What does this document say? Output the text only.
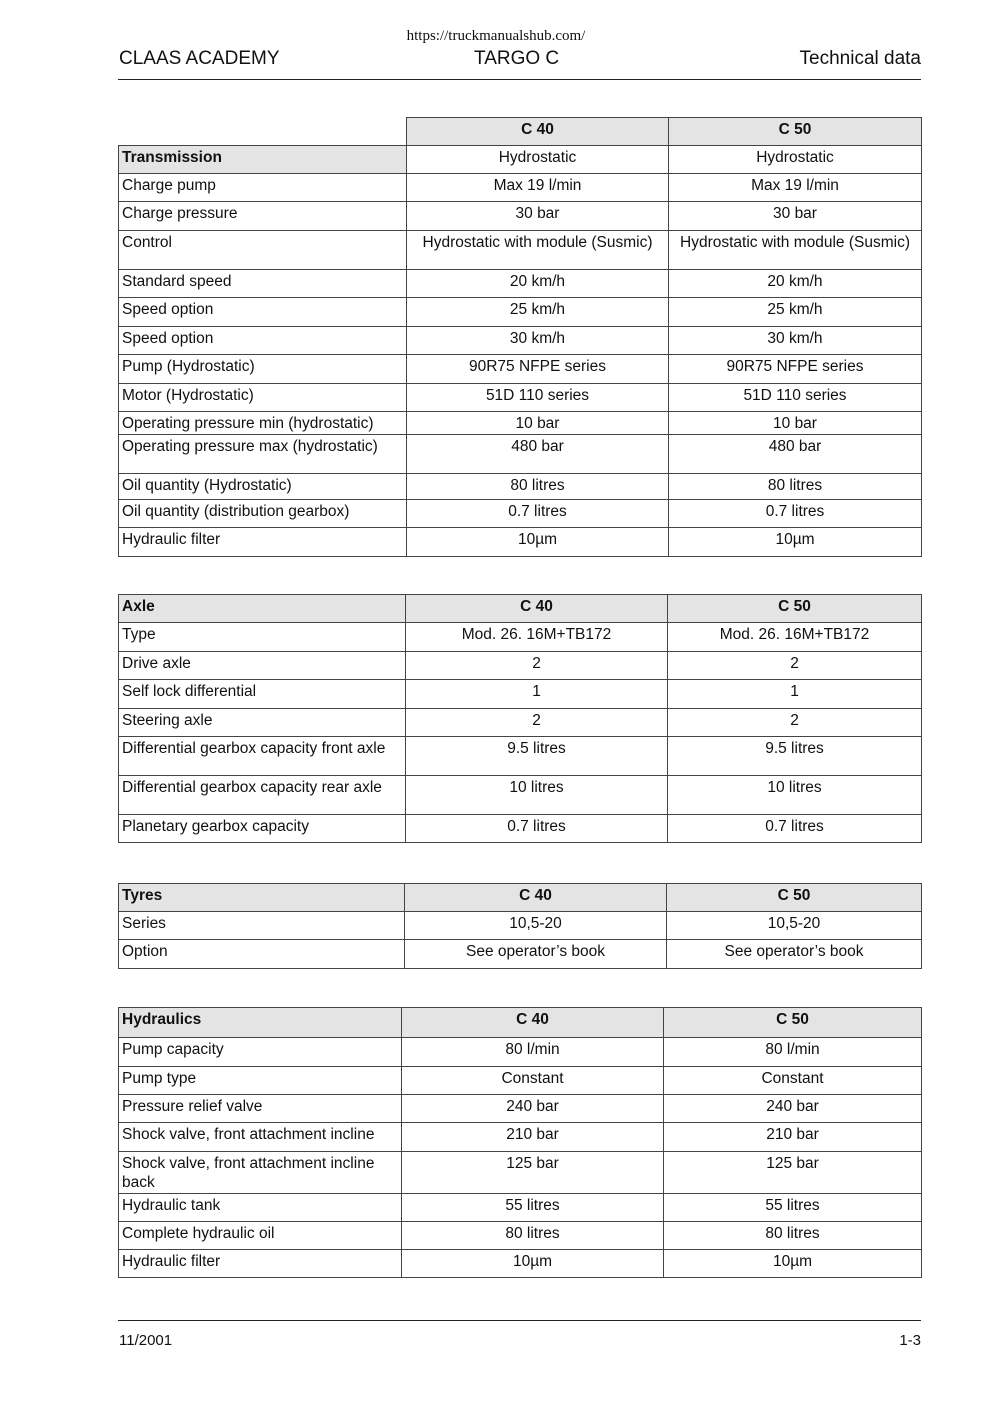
https://truckmanualshub.com/
CLAAS ACADEMY	TARGO C	Technical data
	C 40	C 50
Transmission	Hydrostatic	Hydrostatic
Charge pump	Max 19 l/min	Max 19 l/min
Charge pressure	30 bar	30 bar
Control	Hydrostatic with module (Susmic)	Hydrostatic with module (Susmic)
Standard speed	20 km/h	20 km/h
Speed option	25 km/h	25 km/h
Speed option	30 km/h	30 km/h
Pump (Hydrostatic)	90R75 NFPE series	90R75 NFPE series
Motor (Hydrostatic)	51D 110 series	51D 110 series
Operating pressure min (hydrostatic)	10 bar	10 bar
Operating pressure max (hydrostatic)	480 bar	480 bar
Oil quantity (Hydrostatic)	80 litres	80 litres
Oil quantity (distribution gearbox)	0.7 litres	0.7 litres
Hydraulic filter	10µm	10µm
Axle	C 40	C 50
Type	Mod. 26. 16M+TB172	Mod. 26. 16M+TB172
Drive axle	2	2
Self lock differential	1	1
Steering axle	2	2
Differential gearbox capacity front axle	9.5 litres	9.5 litres
Differential gearbox capacity rear axle	10 litres	10 litres
Planetary gearbox capacity	0.7 litres	0.7 litres
Tyres	C 40	C 50
Series	10,5-20	10,5-20
Option	See operator’s book	See operator’s book
Hydraulics	C 40	C 50
Pump capacity	80 l/min	80 l/min
Pump type	Constant	Constant
Pressure relief valve	240 bar	240 bar
Shock valve, front attachment incline	210 bar	210 bar
Shock valve, front attachment incline back	125 bar	125 bar
Hydraulic tank	55 litres	55 litres
Complete hydraulic oil	80 litres	80 litres
Hydraulic filter	10µm	10µm
11/2001	1-3
